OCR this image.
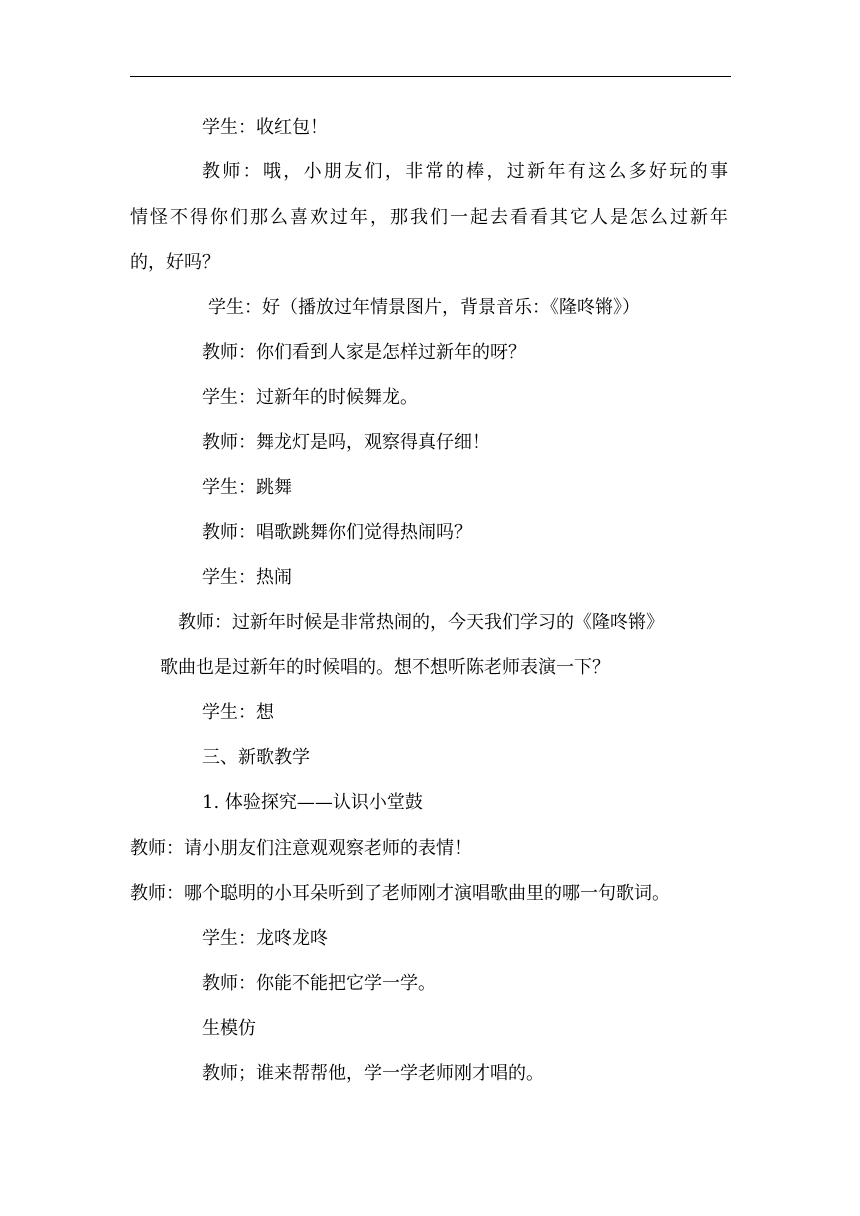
学生：收红包！
教师：哦，小朋友们，非常的棒，过新年有这么多好玩的事
情怪不得你们那么喜欢过年，那我们一起去看看其它人是怎么过新年
的，好吗？
学生：好（播放过年情景图片，背景音乐：《隆咚锵》）
教师：你们看到人家是怎样过新年的呀？
学生：过新年的时候舞龙。
教师：舞龙灯是吗，观察得真仔细！
学生：跳舞
教师：唱歌跳舞你们觉得热闹吗？
学生：热闹
教师：过新年时候是非常热闹的，今天我们学习的《隆咚锵》
歌曲也是过新年的时候唱的。想不想听陈老师表演一下？
学生：想
三、新歌教学
1. 体验探究——认识小堂鼓
教师：请小朋友们注意观观察老师的表情！
教师：哪个聪明的小耳朵听到了老师刚才演唱歌曲里的哪一句歌词。
学生：龙咚龙咚
教师：你能不能把它学一学。
生模仿
教师；谁来帮帮他，学一学老师刚才唱的。
